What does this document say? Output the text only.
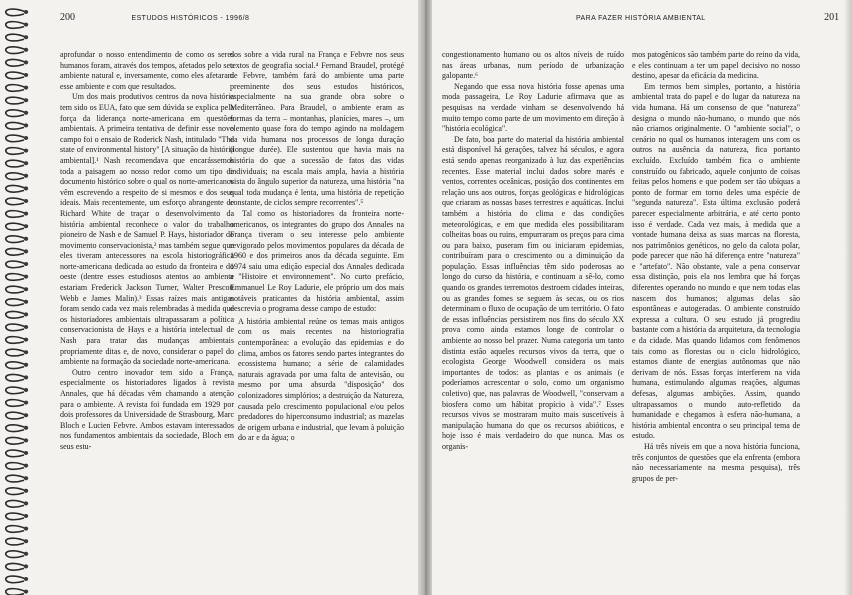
200	ESTUDOS HISTÓRICOS - 1996/8

aprofundar o nosso entendimento de como os seres humanos foram, através dos tempos, afetados pelo seu ambiente natural e, inversamente, como eles afetaram esse ambiente e com que resultados.

Um dos mais produtivos centros da nova história tem sido os EUA, fato que sem dúvida se explica pela força da liderança norte-americana em questões ambientais. A primeira tentativa de definir esse novo campo foi o ensaio de Roderick Nash, intitulado "The state of environmental history" [A situação da história ambiental].¹ Nash recomendava que encarássemos toda a paisagem ao nosso redor como um tipo de documento histórico sobre o qual os norte-americanos vêm escrevendo a respeito de si mesmos e dos seus ideais. Mais recentemente, um esforço abrangente de Richard White de traçar o desenvolvimento da história ambiental reconhece o valor do trabalho pioneiro de Nash e de Samuel P. Hays, historiador do movimento conservacionista,² mas também segue que eles tiveram antecessores na escola historiográfica norte-americana dedicada ao estudo da fronteira e do oeste (dentre esses estudiosos atentos ao ambiente estariam Frederick Jackson Turner, Walter Prescott Webb e James Malin).³ Essas raízes mais antigas foram sendo cada vez mais relembradas à medida que os historiadores ambientais ultrapassaram a política conservacionista de Hays e a história intelectual de Nash para tratar das mudanças ambientais propriamente ditas e, de novo, considerar o papel do ambiente na formação da sociedade norte-americana.

Outro centro inovador tem sido a França, especialmente os historiadores ligados à revista Annales, que há décadas vêm chamando a atenção para o ambiente. A revista foi fundada em 1929 por dois professores da Universidade de Strasbourg, Marc Bloch e Lucien Febvre. Ambos estavam interessados nos fundamentos ambientais da sociedade, Bloch em seus estu-

dos sobre a vida rural na França e Febvre nos seus textos de geografia social.⁴ Fernand Braudel, protégé de Febvre, também fará do ambiente uma parte preeminente dos seus estudos históricos, especialmente na sua grande obra sobre o Mediterrâneo. Para Braudel, o ambiente eram as formas da terra – montanhas, planícies, mares –, um elemento quase fora do tempo agindo na moldagem da vida humana nos processos de longa duração (longue durée). Ele sustentou que havia mais na história do que a sucessão de fatos das vidas individuais; na escala mais ampla, havia a história vista do ângulo superior da natureza, uma história "na qual toda mudança é lenta, uma história de repetição constante, de ciclos sempre recorrentes".⁵

Tal como os historiadores da fronteira norte-americanos, os integrantes do grupo dos Annales na França tiveram o seu interesse pelo ambiente revigorado pelos movimentos populares da década de 1960 e dos primeiros anos da década seguinte. Em 1974 saiu uma edição especial dos Annales dedicada a "Histoire et environnement". No curto prefácio, Emmanuel Le Roy Ladurie, ele próprio um dos mais notáveis praticantes da história ambiental, assim descrevia o programa desse campo de estudo:

A história ambiental reúne os temas mais antigos com os mais recentes na historiografia contemporânea: a evolução das epidemias e do clima, ambos os fatores sendo partes integrantes do ecossistema humano; a série de calamidades naturais agravada por uma falta de antevisão, ou mesmo por uma absurda "disposição" dos colonizadores simplórios; a destruição da Natureza, causada pelo crescimento populacional e/ou pelos predadores do hiperconsumo industrial; as mazelas de origem urbana e industrial, que levam à poluição do ar e da água; o

PARA FAZER HISTÓRIA AMBIENTAL	201

congestionamento humano ou os altos níveis de ruído nas áreas urbanas, num período de urbanização galopante.⁶

Negando que essa nova história fosse apenas uma moda passageira, Le Roy Ladurie afirmava que as pesquisas na verdade vinham se desenvolvendo há muito tempo como parte de um movimento em direção à "história ecológica".

De fato, boa parte do material da história ambiental está disponível há gerações, talvez há séculos, e agora está sendo apenas reorganizado à luz das experiências recentes. Esse material inclui dados sobre marés e ventos, correntes oceânicas, posição dos continentes em relação uns aos outros, forças geológicas e hidrológicas que criaram as nossas bases terrestres e aquáticas. Inclui também a história do clima e das condições meteorológicas, e em que medida eles possibilitaram colheitas boas ou ruins, empurraram os preços para cima ou para baixo, puseram fim ou iniciaram epidemias, contribuíram para o crescimento ou a diminuição da população. Essas influências têm sido poderosas ao longo do curso da história, e continuam a sê-lo, como quando os grandes terremotos destroem cidades inteiras, ou as grandes fomes se seguem às secas, ou os rios determinam o fluxo de ocupação de um território. O fato de essas influências persistirem nos fins do século XX prova como ainda estamos longe de controlar o ambiente ao nosso bel prazer. Numa categoria um tanto distinta estão aqueles recursos vivos da terra, que o ecologista George Woodwell considera os mais importantes de todos: as plantas e os animais (e poderíamos acrescentar o solo, como um organismo coletivo) que, nas palavras de Woodwell, "conservam a biosfera como um hábitat propício à vida".⁷ Esses recursos vivos se mostraram muito mais suscetíveis à manipulação humana do que os recursos abióticos, e hoje isso é mais verdadeiro do que nunca. Mas os organis-

mos patogênicos são também parte do reino da vida, e eles continuam a ter um papel decisivo no nosso destino, apesar da eficácia da medicina.

Em termos bem simples, portanto, a história ambiental trata do papel e do lugar da natureza na vida humana. Há um consenso de que "natureza" designa o mundo não-humano, o mundo que nós não criamos originalmente. O "ambiente social", o cenário no qual os humanos interagem uns com os outros na ausência da natureza, fica portanto excluído. Excluído também fica o ambiente construído ou fabricado, aquele conjunto de coisas feitas pelos homens e que podem ser tão ubíquas a ponto de formar em torno deles uma espécie de "segunda natureza". Esta última exclusão poderá parecer especialmente arbitrária, e até certo ponto isso é verdade. Cada vez mais, à medida que a vontade humana deixa as suas marcas na floresta, nos patrimônios genéticos, no gelo da calota polar, pode parecer que não há diferença entre "natureza" e "artefato". Não obstante, vale a pena conservar essa distinção, pois ela nos lembra que há forças diferentes operando no mundo e que nem todas elas nascem dos humanos; algumas delas são espontâneas e autogeradas. O ambiente construído expressa a cultura. O seu estudo já progrediu bastante com a história da arquitetura, da tecnologia e da cidade. Mas quando lidamos com fenômenos tais como as florestas ou o ciclo hidrológico, estamos diante de energias autônomas que não derivam de nós. Essas forças interferem na vida humana, estimulando algumas reações, algumas defesas, algumas ambições. Assim, quando ultrapassamos o mundo auto-refletido da humanidade e chegamos à esfera não-humana, a história ambiental encontra o seu principal tema de estudo.

Há três níveis em que a nova história funciona, três conjuntos de questões que ela enfrenta (embora não necessariamente na mesma pesquisa), três grupos de per-
